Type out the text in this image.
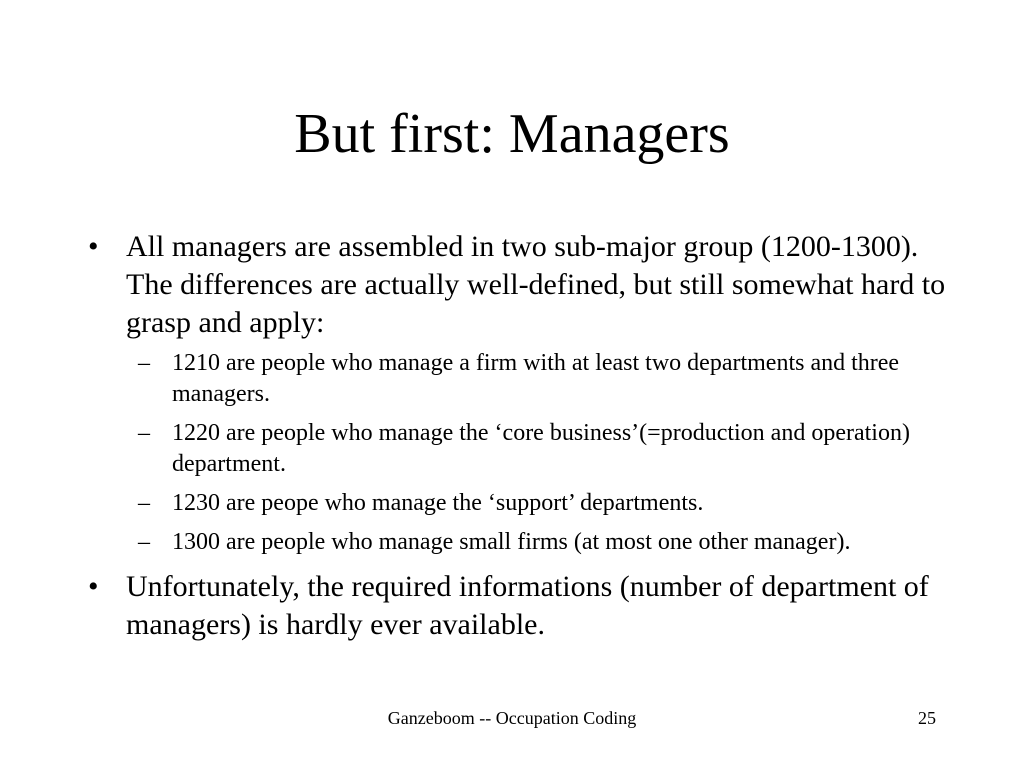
But first: Managers
• All managers are assembled in two sub-major group (1200-1300). The differences are actually well-defined, but still somewhat hard to grasp and apply:
– 1210 are people who manage a firm with at least two departments and three managers.
– 1220 are people who manage the ‘core business’(=production and operation) department.
– 1230 are peope who manage the ‘support’ departments.
– 1300 are people who manage small firms (at most one other manager).
• Unfortunately, the required informations (number of department of managers) is hardly ever available.
Ganzeboom -- Occupation Coding	25
